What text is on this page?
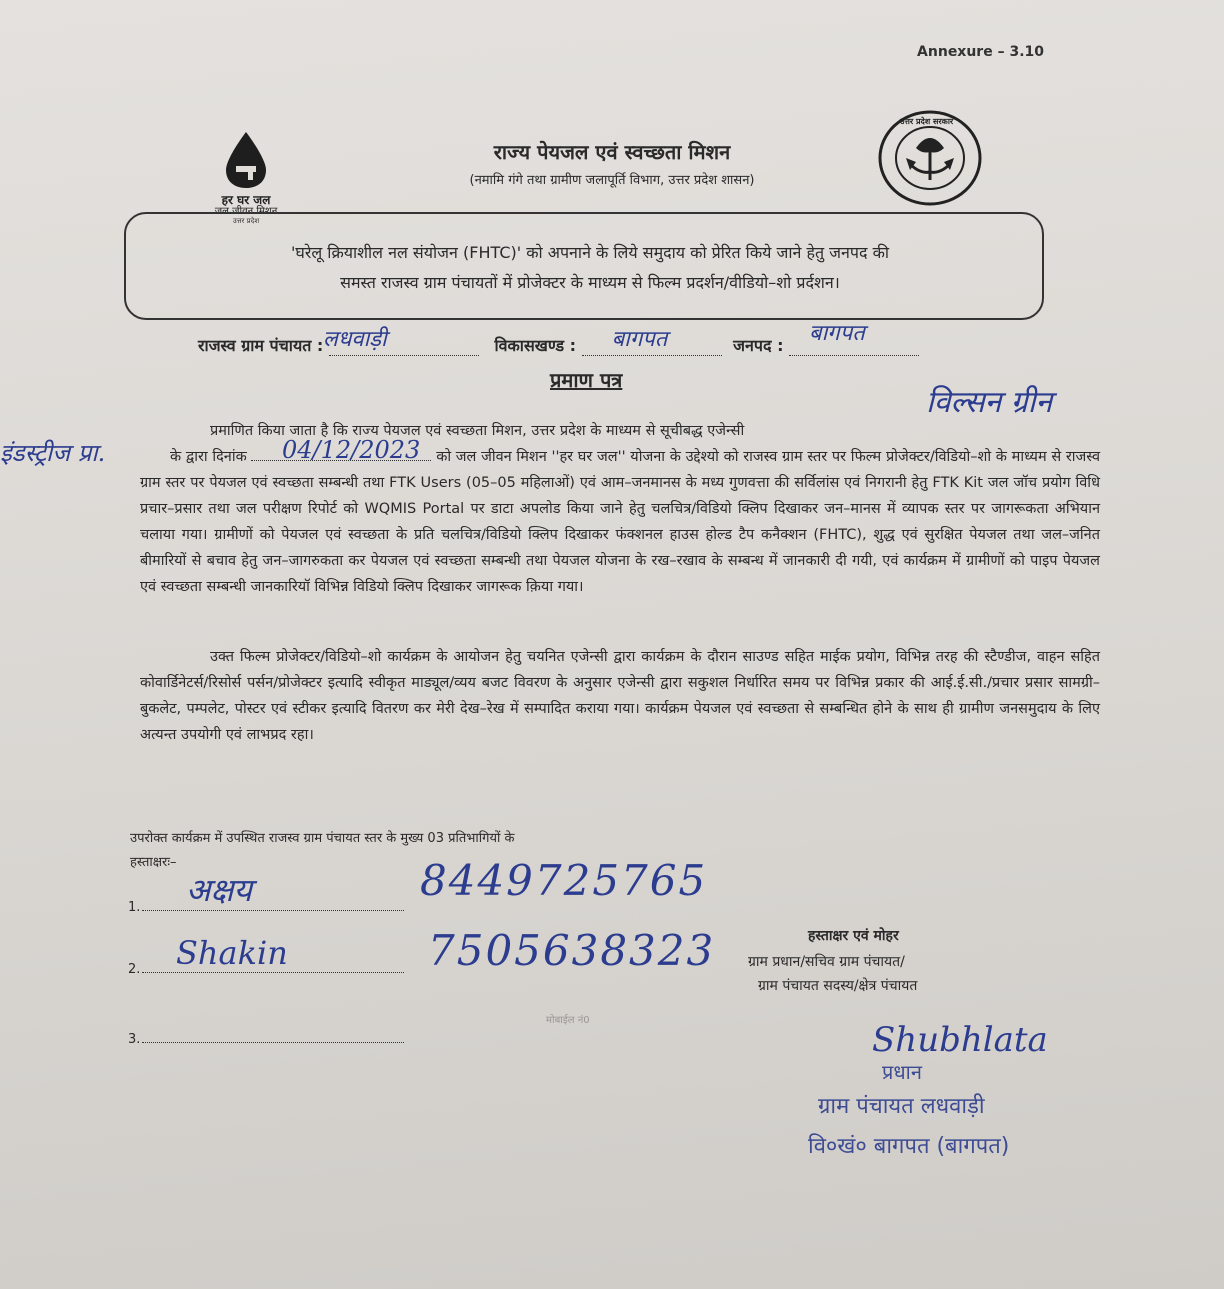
Annexure – 3.10
हर घर जल
जल जीवन मिशन
उत्तर प्रदेश
उत्तर प्रदेश सरकार
राज्य पेयजल एवं स्वच्छता मिशन
(नमामि गंगे तथा ग्रामीण जलापूर्ति विभाग, उत्तर प्रदेश शासन)
'घरेलू क्रियाशील नल संयोजन (FHTC)' को अपनाने के लिये समुदाय को प्रेरित किये जाने हेतु जनपद की
समस्त राजस्व ग्राम पंचायतों में प्रोजेक्टर के माध्यम से फिल्म प्रदर्शन/वीडियो–शो प्रर्दशन।
राजस्व ग्राम पंचायत : लधवाड़ी	विकासखण्ड : बागपत	जनपद : बागपत
प्रमाण पत्र
विल्सन ग्रीन
इंडस्ट्रीज प्रा.	04/12/2023
प्रमाणित किया जाता है कि राज्य पेयजल एवं स्वच्छता मिशन, उत्तर प्रदेश के माध्यम से सूचीबद्ध एजेन्सी
के द्वारा दिनांक	को जल जीवन मिशन ''हर घर जल'' योजना के उद्देश्यो को राजस्व ग्राम स्तर पर फिल्म प्रोजेक्टर/विडियो–शो के माध्यम से राजस्व ग्राम स्तर पर पेयजल एवं स्वच्छता सम्बन्धी तथा FTK Users (05–05 महिलाओं) एवं आम–जनमानस के मध्य गुणवत्ता की सर्विलांस एवं निगरानी हेतु FTK Kit जल जॉच प्रयोग विधि प्रचार–प्रसार तथा जल परीक्षण रिपोर्ट को WQMIS Portal पर डाटा अपलोड किया जाने हेतु चलचित्र/विडियो क्लिप दिखाकर जन–मानस में व्यापक स्तर पर जागरूकता अभियान चलाया गया। ग्रामीणों को पेयजल एवं स्वच्छता के प्रति चलचित्र/विडियो क्लिप दिखाकर फंक्शनल हाउस होल्ड टैप कनैक्शन (FHTC), शुद्ध एवं सुरक्षित पेयजल तथा जल–जनित बीमारियों से बचाव हेतु जन–जागरुकता कर पेयजल एवं स्वच्छता सम्बन्धी तथा पेयजल योजना के रख–रखाव के सम्बन्ध में जानकारी दी गयी, एवं कार्यक्रम में ग्रामीणों को पाइप पेयजल एवं स्वच्छता सम्बन्धी जानकारियॉ विभिन्न विडियो क्लिप दिखाकर जागरूक क़िया गया।
उक्त फिल्म प्रोजेक्टर/विडियो–शो कार्यक्रम के आयोजन हेतु चयनित एजेन्सी द्वारा कार्यक्रम के दौरान साउण्ड सहित माईक प्रयोग, विभिन्न तरह की स्टैण्डीज, वाहन सहित कोवार्डिनेटर्स/रिसोर्स पर्सन/प्रोजेक्टर इत्यादि स्वीकृत माड्यूल/व्यय बजट विवरण के अनुसार एजेन्सी द्वारा सकुशल निर्धारित समय पर विभिन्न प्रकार की आई.ई.सी./प्रचार प्रसार सामग्री–बुकलेट, पम्पलेट, पोस्टर एवं स्टीकर इत्यादि वितरण कर मेरी देख–रेख में सम्पादित कराया गया। कार्यक्रम पेयजल एवं स्वच्छता से सम्बन्धित होने के साथ ही ग्रामीण जनसमुदाय के लिए अत्यन्त उपयोगी एवं लाभप्रद रहा।
उपरोक्त कार्यक्रम में उपस्थित राजस्व ग्राम पंचायत स्तर के मुख्य 03 प्रतिभागियों के
हस्ताक्षरः–
1.	अक्षय	8449725765
2.	Shakin	7505638323
3.
मोबाईल नं0
हस्ताक्षर एवं मोहर
ग्राम प्रधान/सचिव ग्राम पंचायत/
ग्राम पंचायत सदस्य/क्षेत्र पंचायत
Shubhlata
प्रधान
ग्राम पंचायत लधवाड़ी
वि०खं० बागपत (बागपत)
